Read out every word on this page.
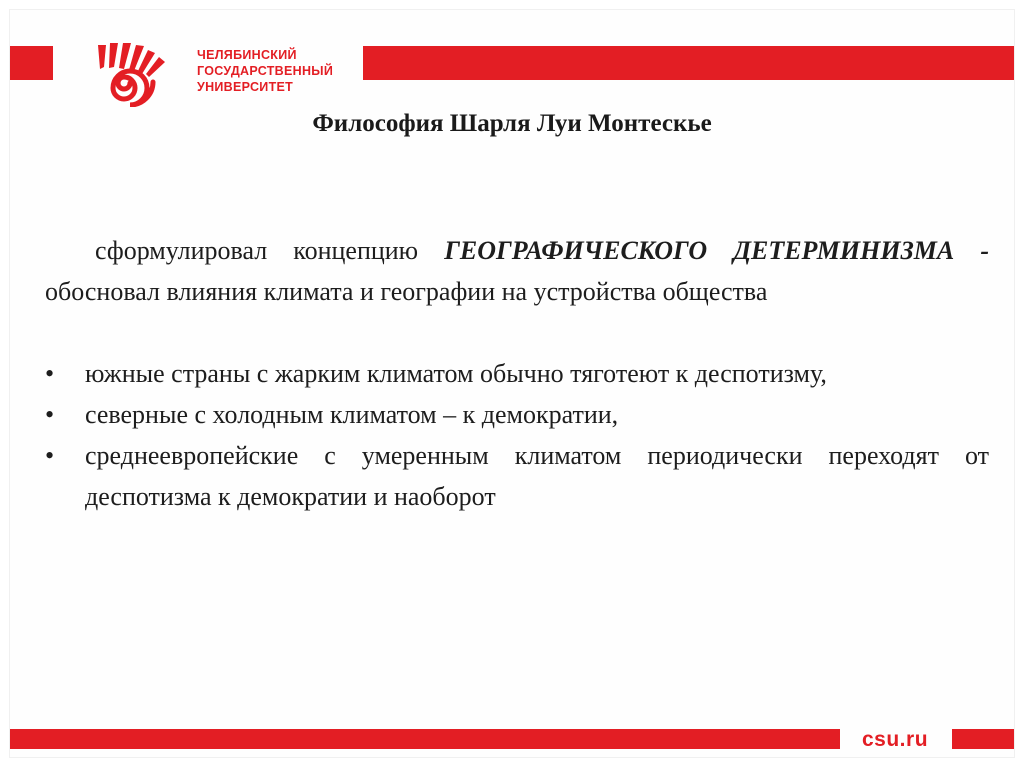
ЧЕЛЯБИНСКИЙ
ГОСУДАРСТВЕННЫЙ
УНИВЕРСИТЕТ
Философия Шарля Луи Монтескье

сформулировал концепцию ГЕОГРАФИЧЕСКОГО ДЕТЕРМИНИЗМА - обосновал влияния климата и географии на устройства общества

• южные страны с жарким климатом обычно тяготеют к деспотизму,
• северные с холодным климатом – к демократии,
• среднеевропейские с умеренным климатом периодически переходят от деспотизма к демократии и наоборот
csu.ru
